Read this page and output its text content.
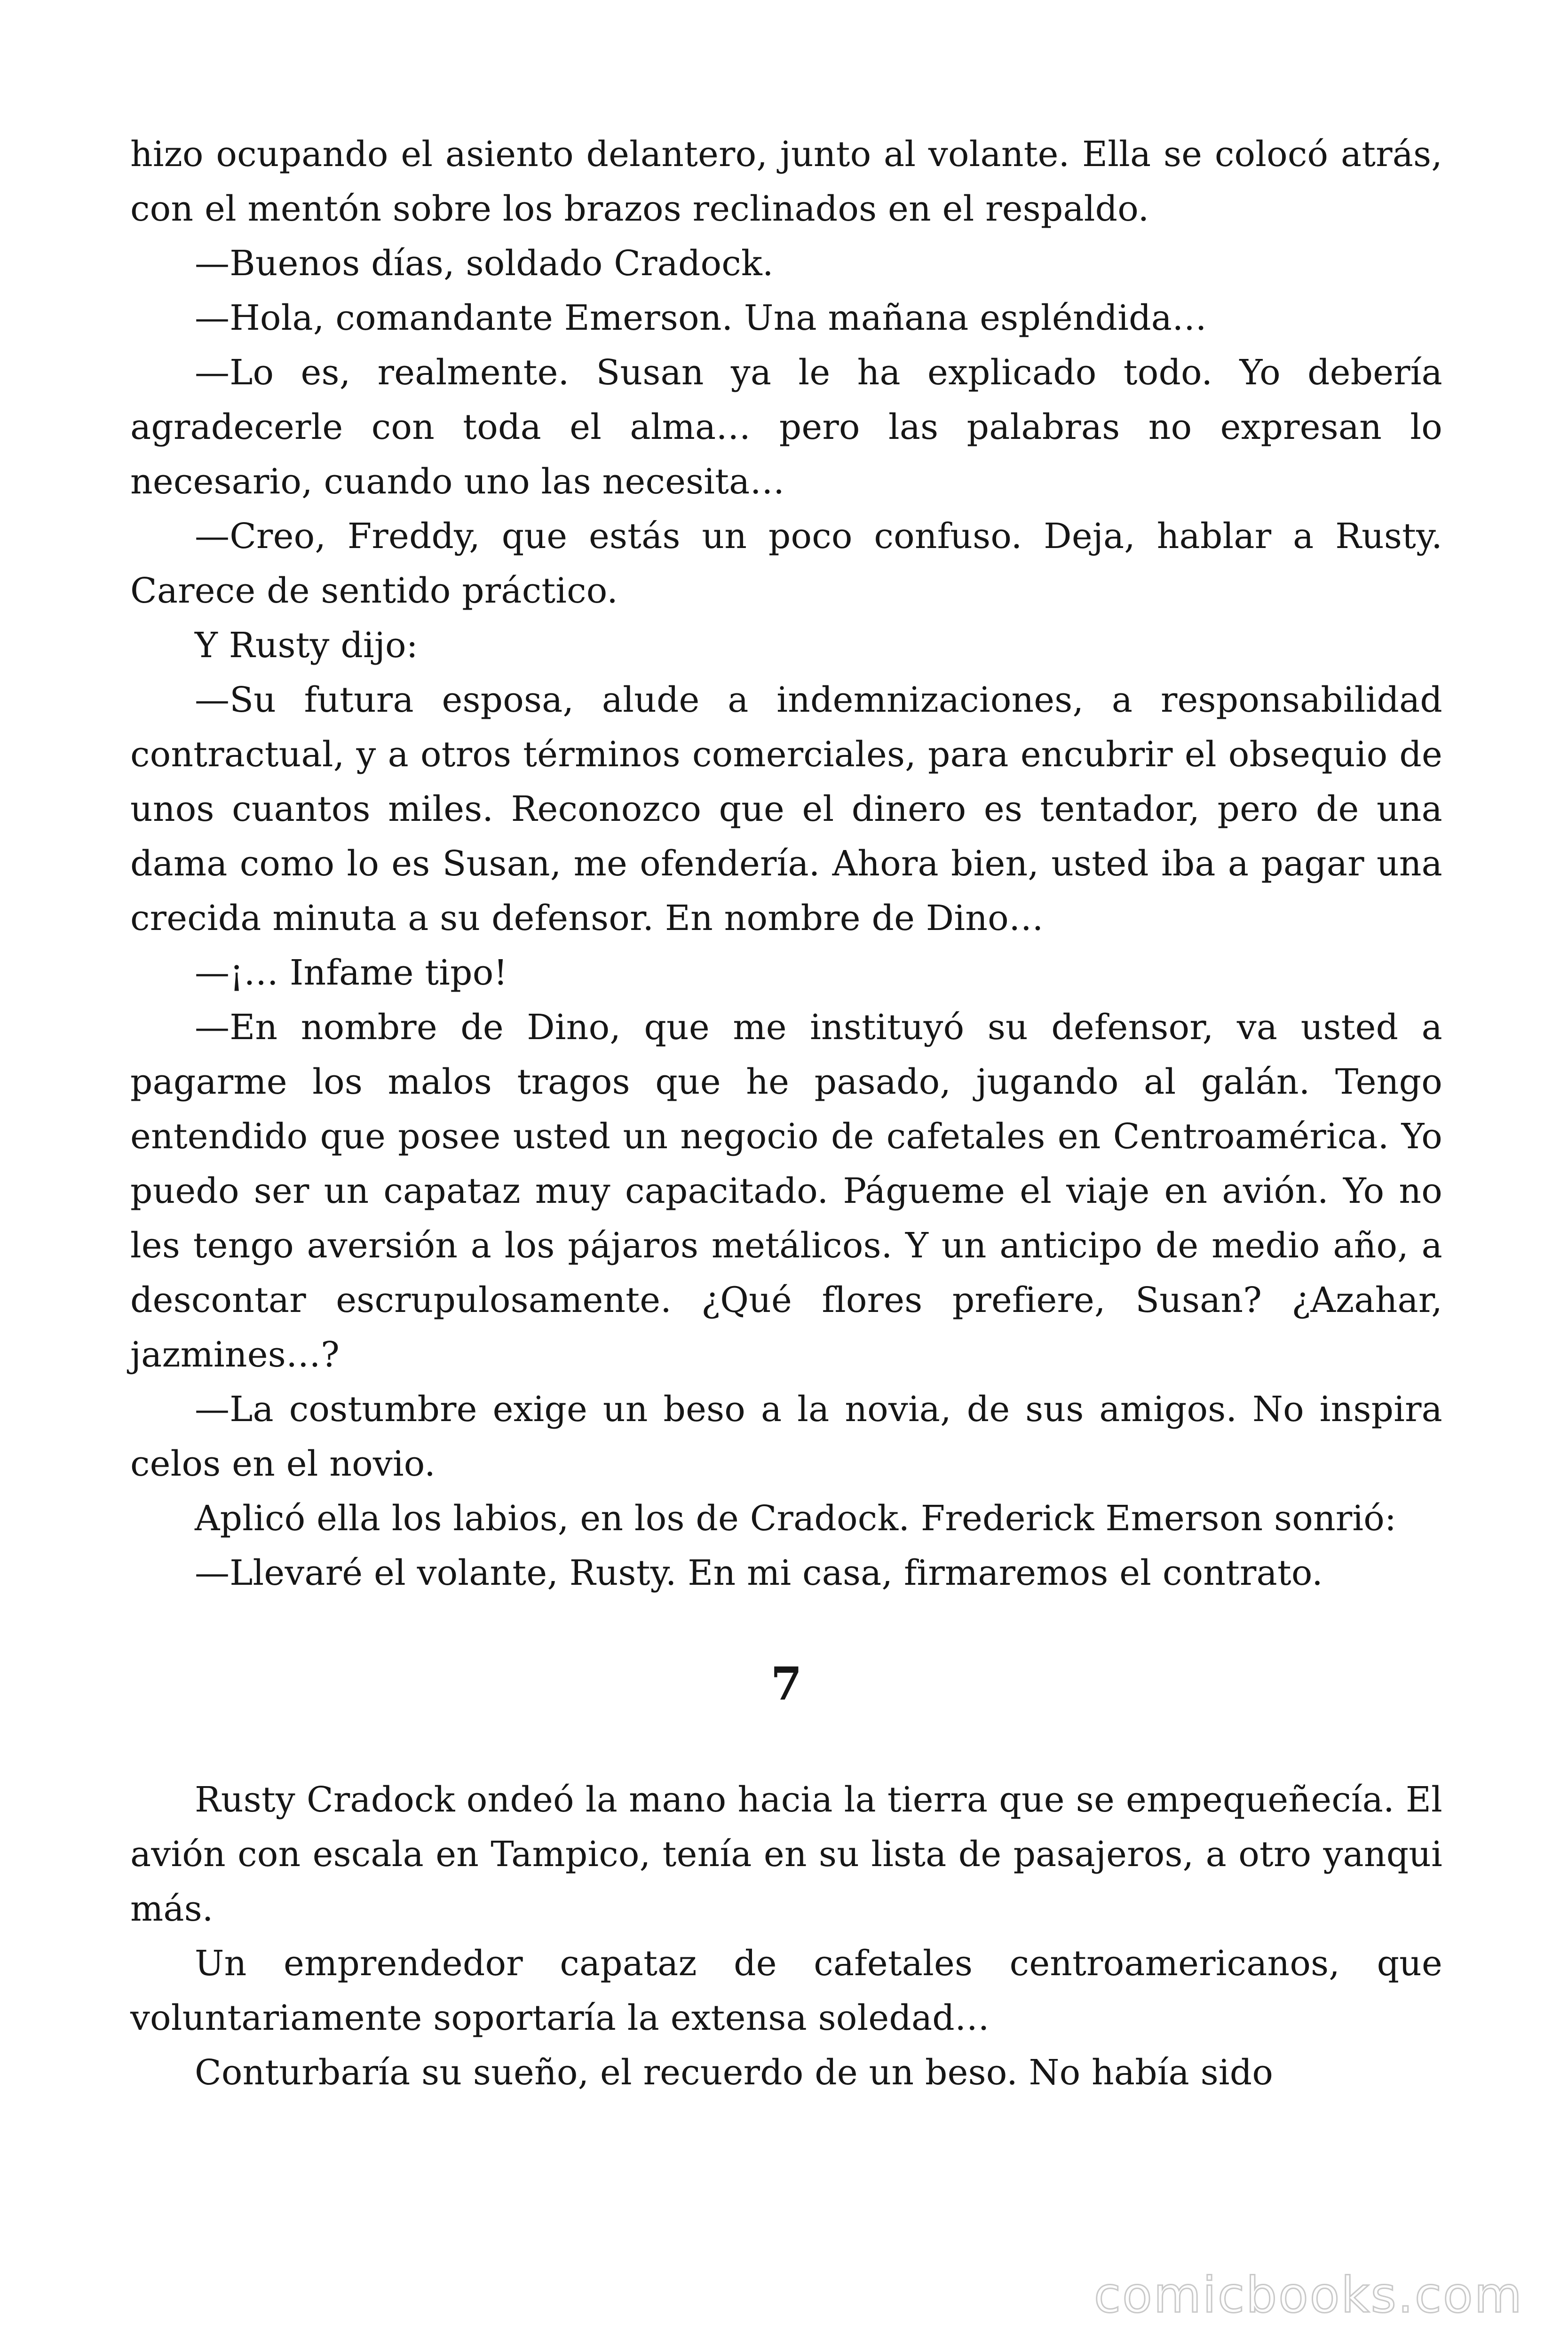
hizo ocupando el asiento delantero, junto al volante. Ella se colocó atrás, con el mentón sobre los brazos reclinados en el respaldo.

—Buenos días, soldado Cradock.

—Hola, comandante Emerson. Una mañana espléndida…

—Lo es, realmente. Susan ya le ha explicado todo. Yo debería agradecerle con toda el alma… pero las palabras no expresan lo necesario, cuando uno las necesita…

—Creo, Freddy, que estás un poco confuso. Deja, hablar a Rusty. Carece de sentido práctico.

Y Rusty dijo:

—Su futura esposa, alude a indemnizaciones, a responsabilidad contractual, y a otros términos comerciales, para encubrir el obsequio de unos cuantos miles. Reconozco que el dinero es tentador, pero de una dama como lo es Susan, me ofendería. Ahora bien, usted iba a pagar una crecida minuta a su defensor. En nombre de Dino…

—¡… Infame tipo!

—En nombre de Dino, que me instituyó su defensor, va usted a pagarme los malos tragos que he pasado, jugando al galán. Tengo entendido que posee usted un negocio de cafetales en Centroamérica. Yo puedo ser un capataz muy capacitado. Págueme el viaje en avión. Yo no les tengo aversión a los pájaros metálicos. Y un anticipo de medio año, a descontar escrupulosamente. ¿Qué flores prefiere, Susan? ¿Azahar, jazmines…?

—La costumbre exige un beso a la novia, de sus amigos. No inspira celos en el novio.

Aplicó ella los labios, en los de Cradock. Frederick Emerson sonrió:

—Llevaré el volante, Rusty. En mi casa, firmaremos el contrato.

7

Rusty Cradock ondeó la mano hacia la tierra que se empequeñecía. El avión con escala en Tampico, tenía en su lista de pasajeros, a otro yanqui más.

Un emprendedor capataz de cafetales centroamericanos, que voluntariamente soportaría la extensa soledad…

Conturbaría su sueño, el recuerdo de un beso. No había sido

comicbooks.com
